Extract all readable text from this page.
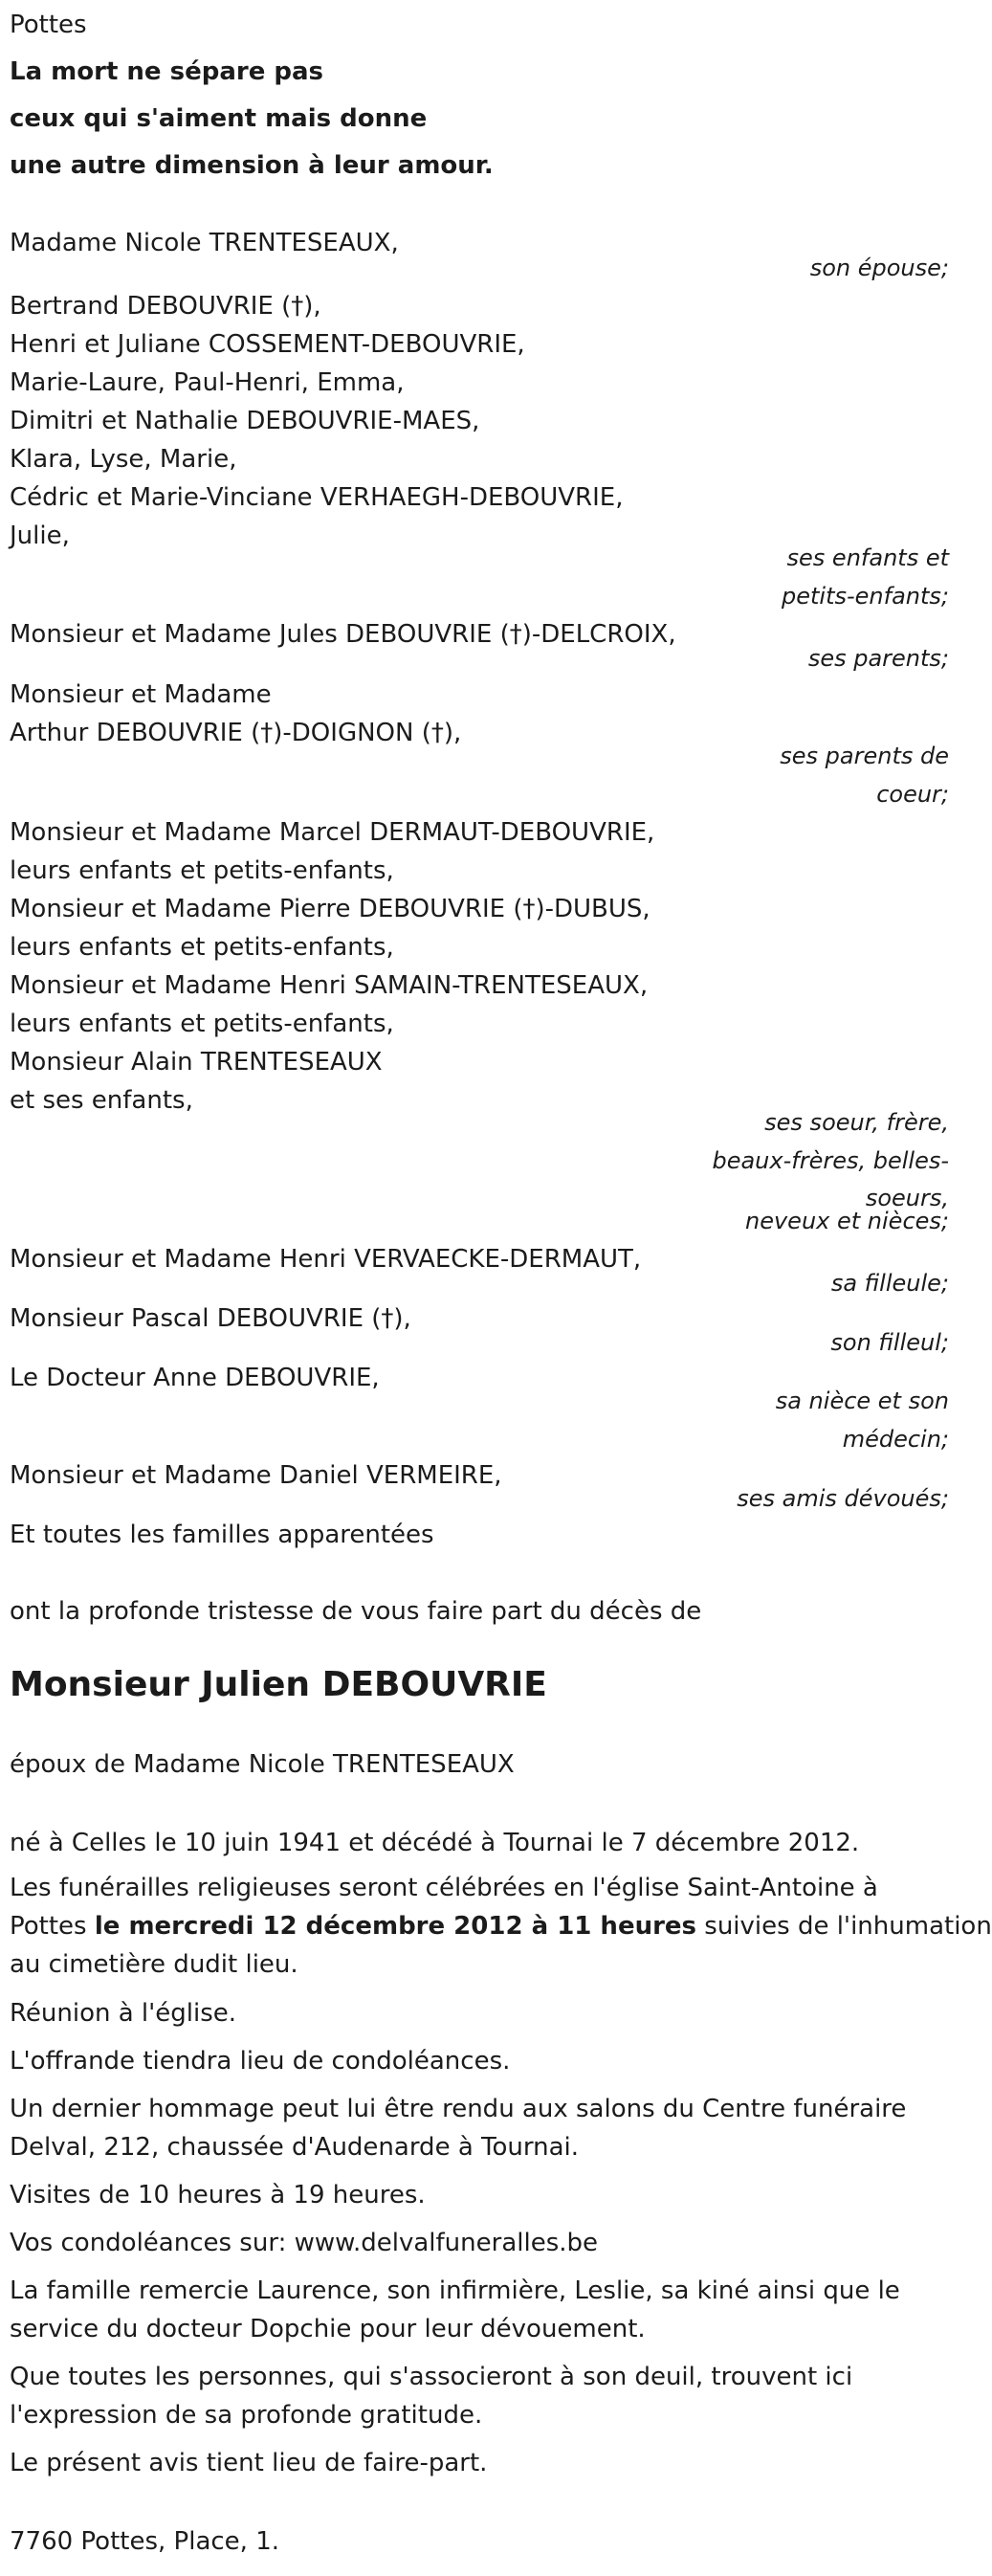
Pottes

La mort ne sépare pas

ceux qui s'aiment mais donne

une autre dimension à leur amour.

Madame Nicole TRENTESEAUX,

son épouse;

Bertrand DEBOUVRIE (†),

Henri et Juliane COSSEMENT-DEBOUVRIE,

Marie-Laure, Paul-Henri, Emma,

Dimitri et Nathalie DEBOUVRIE-MAES,

Klara, Lyse, Marie,

Cédric et Marie-Vinciane VERHAEGH-DEBOUVRIE,

Julie,

ses enfants et

petits-enfants;

Monsieur et Madame Jules DEBOUVRIE (†)-DELCROIX,

ses parents;

Monsieur et Madame

Arthur DEBOUVRIE (†)-DOIGNON (†),

ses parents de

coeur;

Monsieur et Madame Marcel DERMAUT-DEBOUVRIE,

leurs enfants et petits-enfants,

Monsieur et Madame Pierre DEBOUVRIE (†)-DUBUS,

leurs enfants et petits-enfants,

Monsieur et Madame Henri SAMAIN-TRENTESEAUX,

leurs enfants et petits-enfants,

Monsieur Alain TRENTESEAUX

et ses enfants,

ses soeur, frère,

beaux-frères, belles-

soeurs,

neveux et nièces;

Monsieur et Madame Henri VERVAECKE-DERMAUT,

sa filleule;

Monsieur Pascal DEBOUVRIE (†),

son filleul;

Le Docteur Anne DEBOUVRIE,

sa nièce et son

médecin;

Monsieur et Madame Daniel VERMEIRE,

ses amis dévoués;

Et toutes les familles apparentées

ont la profonde tristesse de vous faire part du décès de

Monsieur Julien DEBOUVRIE

époux de Madame Nicole TRENTESEAUX

né à Celles le 10 juin 1941 et décédé à Tournai le 7 décembre 2012.

Les funérailles religieuses seront célébrées en l'église Saint-Antoine à

Pottes le mercredi 12 décembre 2012 à 11 heures suivies de l'inhumation

au cimetière dudit lieu.

Réunion à l'église.

L'offrande tiendra lieu de condoléances.

Un dernier hommage peut lui être rendu aux salons du Centre funéraire

Delval, 212, chaussée d'Audenarde à Tournai.

Visites de 10 heures à 19 heures.

Vos condoléances sur: www.delvalfuneralles.be

La famille remercie Laurence, son infirmière, Leslie, sa kiné ainsi que le

service du docteur Dopchie pour leur dévouement.

Que toutes les personnes, qui s'associeront à son deuil, trouvent ici

l'expression de sa profonde gratitude.

Le présent avis tient lieu de faire-part.

7760 Pottes, Place, 1.
